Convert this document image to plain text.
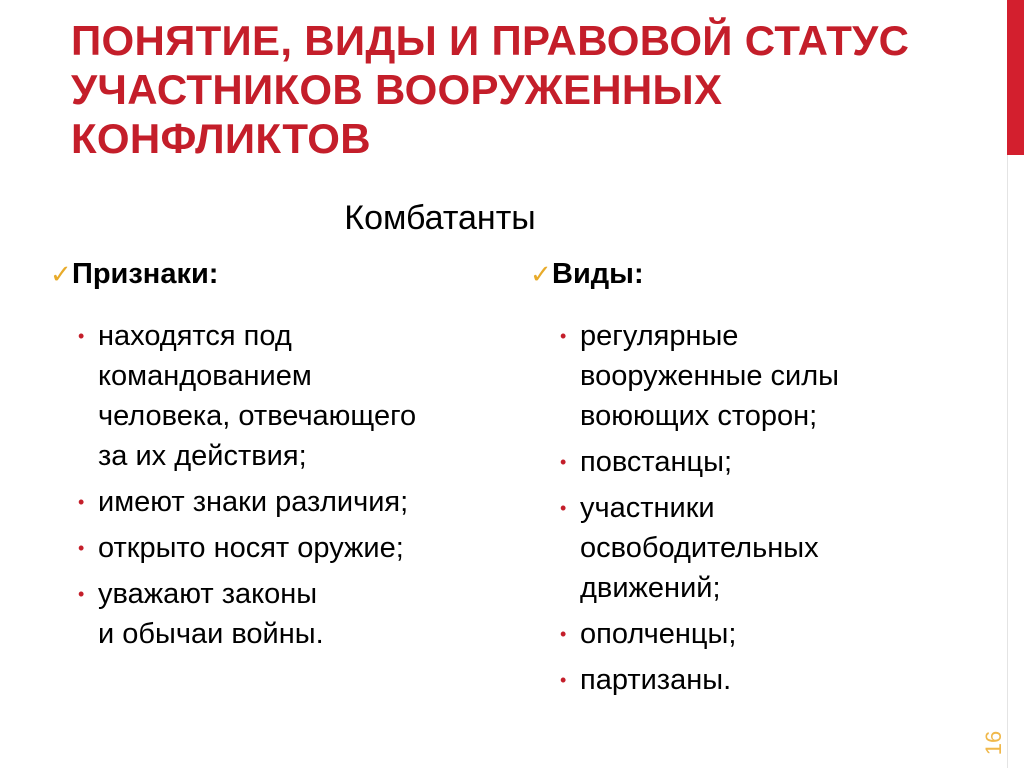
ПОНЯТИЕ, ВИДЫ И ПРАВОВОЙ СТАТУС
УЧАСТНИКОВ ВООРУЖЕННЫХ
КОНФЛИКТОВ
Комбатанты
✓ Признаки:
• находятся под
командованием
человека, отвечающего
за их действия;
• имеют знаки различия;
• открыто носят оружие;
• уважают законы
и обычаи войны.
✓ Виды:
• регулярные
вооруженные силы
воюющих сторон;
• повстанцы;
• участники
освободительных
движений;
• ополченцы;
• партизаны.
16
